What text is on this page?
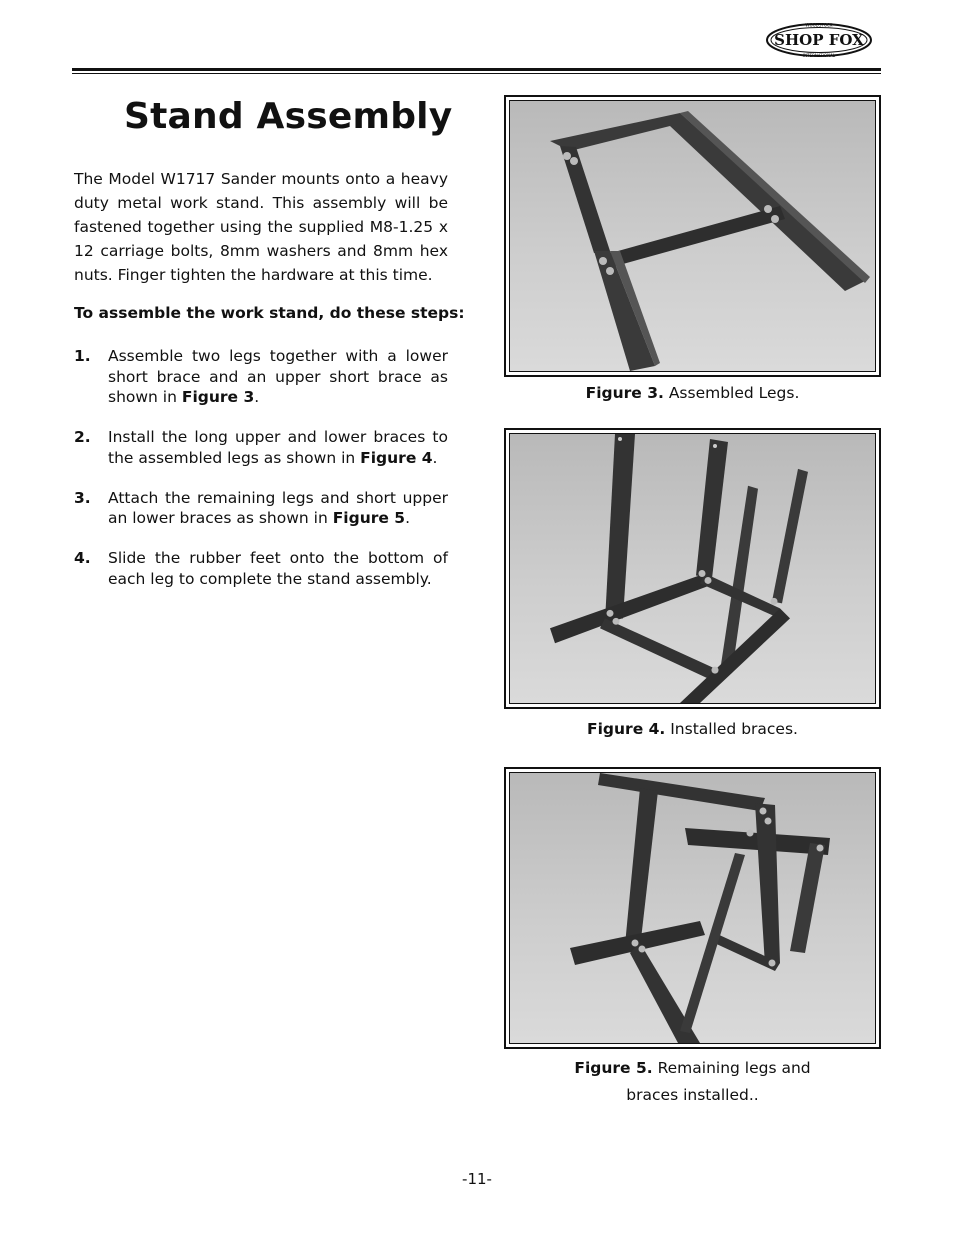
SHOP FOX
WOODSTOCK
INTERNATIONAL
Stand Assembly

The Model W1717 Sander mounts onto a heavy duty metal work stand. This assembly will be fastened together using the supplied M8-1.25 x 12 carriage bolts, 8mm washers and 8mm hex nuts. Finger tighten the hardware at this time.

To assemble the work stand, do these steps:

1.	Assemble two legs together with a lower short brace and an upper short brace as shown in Figure 3.
2.	Install the long upper and lower braces to the assembled legs as shown in Figure 4.
3.	Attach the remaining legs and short upper an lower braces as shown in Figure 5.
4.	Slide the rubber feet onto the bottom of each leg to complete the stand assembly.
Figure 3. Assembled Legs.
Figure 4. Installed braces.
Figure 5. Remaining legs and
braces installed..
-11-
